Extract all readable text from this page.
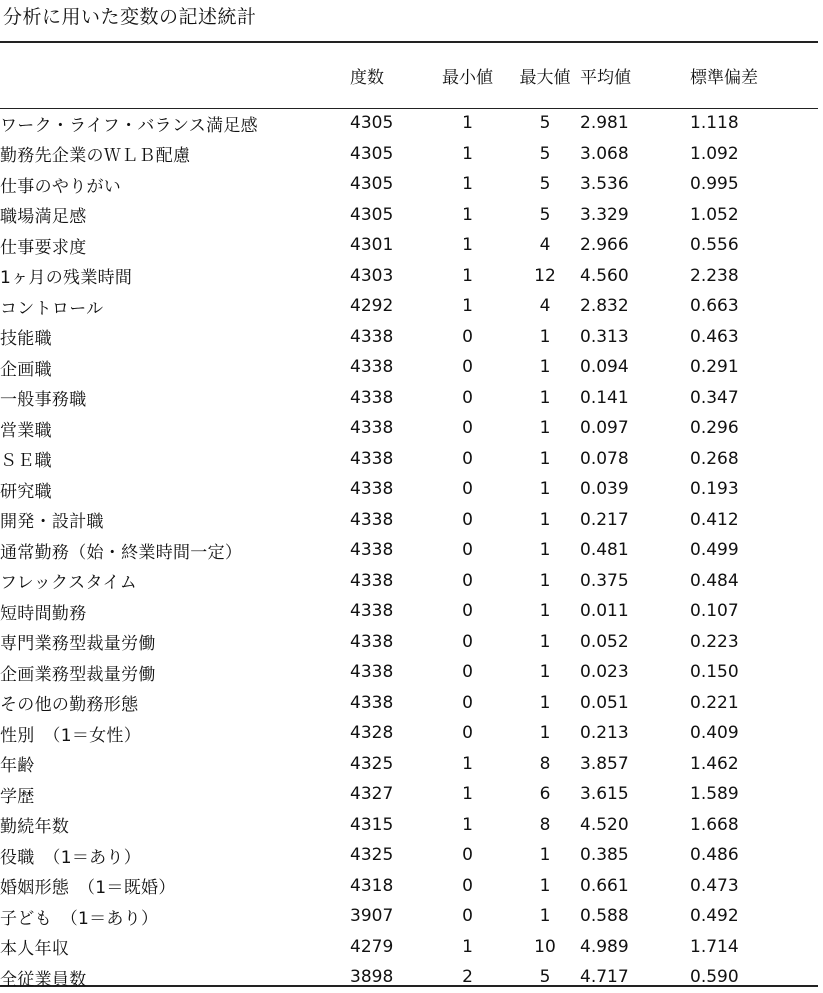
分析に用いた変数の記述統計
	度数	最小値	最大値	平均値	標準偏差
ワーク・ライフ・バランス満足感	4305	1	5	2.981	1.118
勤務先企業のＷＬＢ配慮	4305	1	5	3.068	1.092
仕事のやりがい	4305	1	5	3.536	0.995
職場満足感	4305	1	5	3.329	1.052
仕事要求度	4301	1	4	2.966	0.556
1ヶ月の残業時間	4303	1	12	4.560	2.238
コントロール	4292	1	4	2.832	0.663
技能職	4338	0	1	0.313	0.463
企画職	4338	0	1	0.094	0.291
一般事務職	4338	0	1	0.141	0.347
営業職	4338	0	1	0.097	0.296
ＳＥ職	4338	0	1	0.078	0.268
研究職	4338	0	1	0.039	0.193
開発・設計職	4338	0	1	0.217	0.412
通常勤務（始・終業時間一定）	4338	0	1	0.481	0.499
フレックスタイム	4338	0	1	0.375	0.484
短時間勤務	4338	0	1	0.011	0.107
専門業務型裁量労働	4338	0	1	0.052	0.223
企画業務型裁量労働	4338	0	1	0.023	0.150
その他の勤務形態	4338	0	1	0.051	0.221
性別　（1＝女性）	4328	0	1	0.213	0.409
年齢	4325	1	8	3.857	1.462
学歴	4327	1	6	3.615	1.589
勤続年数	4315	1	8	4.520	1.668
役職　（1＝あり）	4325	0	1	0.385	0.486
婚姻形態　（1＝既婚）	4318	0	1	0.661	0.473
子ども　（1＝あり）	3907	0	1	0.588	0.492
本人年収	4279	1	10	4.989	1.714
全従業員数	3898	2	5	4.717	0.590
